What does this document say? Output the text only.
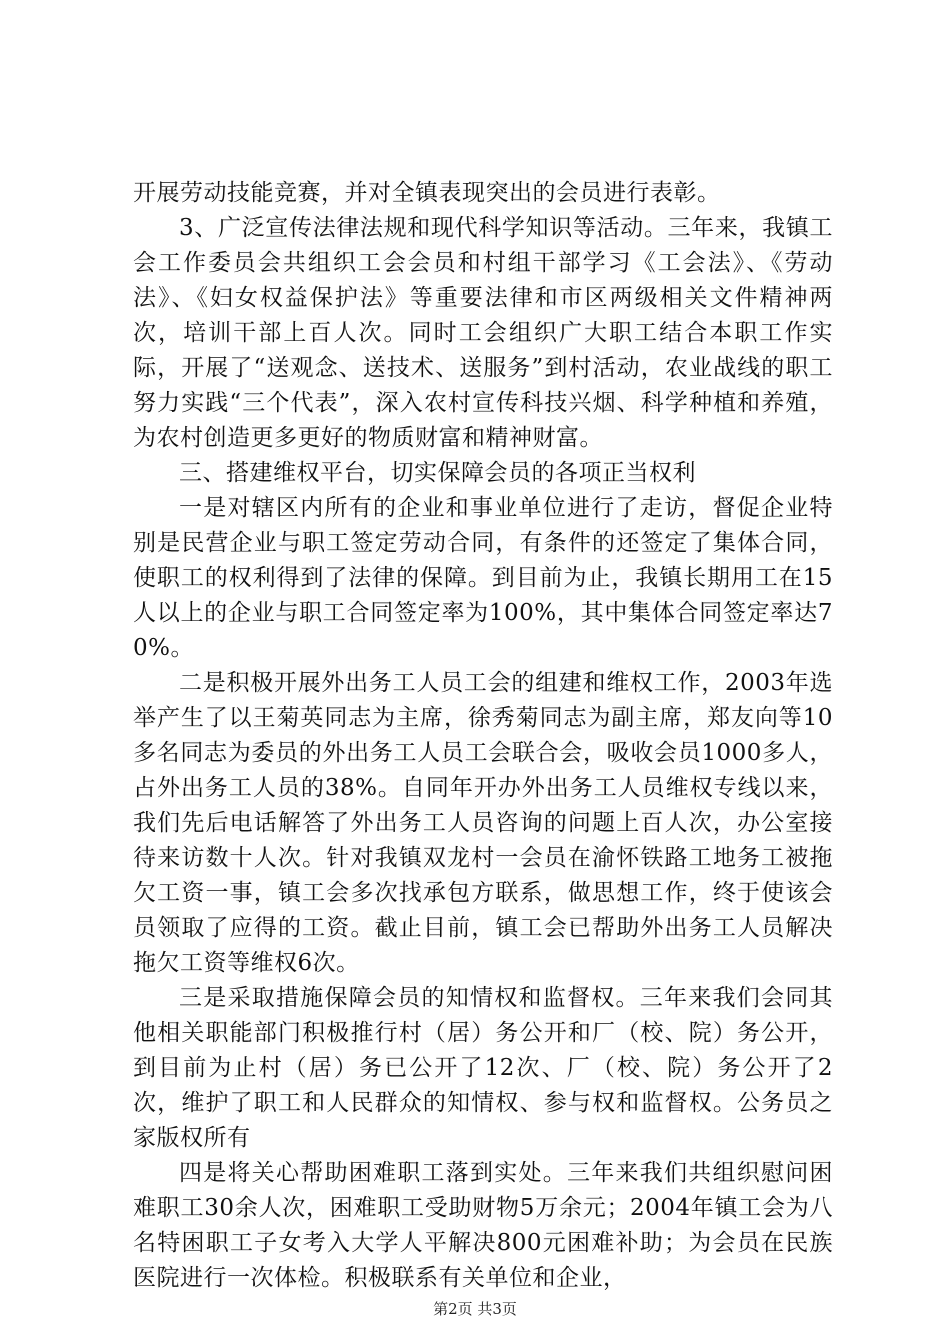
开展劳动技能竞赛，并对全镇表现突出的会员进行表彰。

3、广泛宣传法律法规和现代科学知识等活动。三年来，我镇工会工作委员会共组织工会会员和村组干部学习《工会法》、《劳动法》、《妇女权益保护法》等重要法律和市区两级相关文件精神两次，培训干部上百人次。同时工会组织广大职工结合本职工作实际，开展了“送观念、送技术、送服务”到村活动，农业战线的职工努力实践“三个代表”，深入农村宣传科技兴烟、科学种植和养殖，为农村创造更多更好的物质财富和精神财富。

三、搭建维权平台，切实保障会员的各项正当权利

一是对辖区内所有的企业和事业单位进行了走访，督促企业特别是民营企业与职工签定劳动合同，有条件的还签定了集体合同，使职工的权利得到了法律的保障。到目前为止，我镇长期用工在15人以上的企业与职工合同签定率为100%，其中集体合同签定率达70%。

二是积极开展外出务工人员工会的组建和维权工作，2003年选举产生了以王菊英同志为主席，徐秀菊同志为副主席，郑友向等10多名同志为委员的外出务工人员工会联合会，吸收会员1000多人，占外出务工人员的38%。自同年开办外出务工人员维权专线以来，我们先后电话解答了外出务工人员咨询的问题上百人次，办公室接待来访数十人次。针对我镇双龙村一会员在渝怀铁路工地务工被拖欠工资一事，镇工会多次找承包方联系，做思想工作，终于使该会员领取了应得的工资。截止目前，镇工会已帮助外出务工人员解决拖欠工资等维权6次。

三是采取措施保障会员的知情权和监督权。三年来我们会同其他相关职能部门积极推行村（居）务公开和厂（校、院）务公开，到目前为止村（居）务已公开了12次、厂（校、院）务公开了2次，维护了职工和人民群众的知情权、参与权和监督权。公务员之家版权所有

四是将关心帮助困难职工落到实处。三年来我们共组织慰问困难职工30余人次，困难职工受助财物5万余元；2004年镇工会为八名特困职工子女考入大学人平解决800元困难补助；为会员在民族医院进行一次体检。积极联系有关单位和企业，

第2页 共3页
